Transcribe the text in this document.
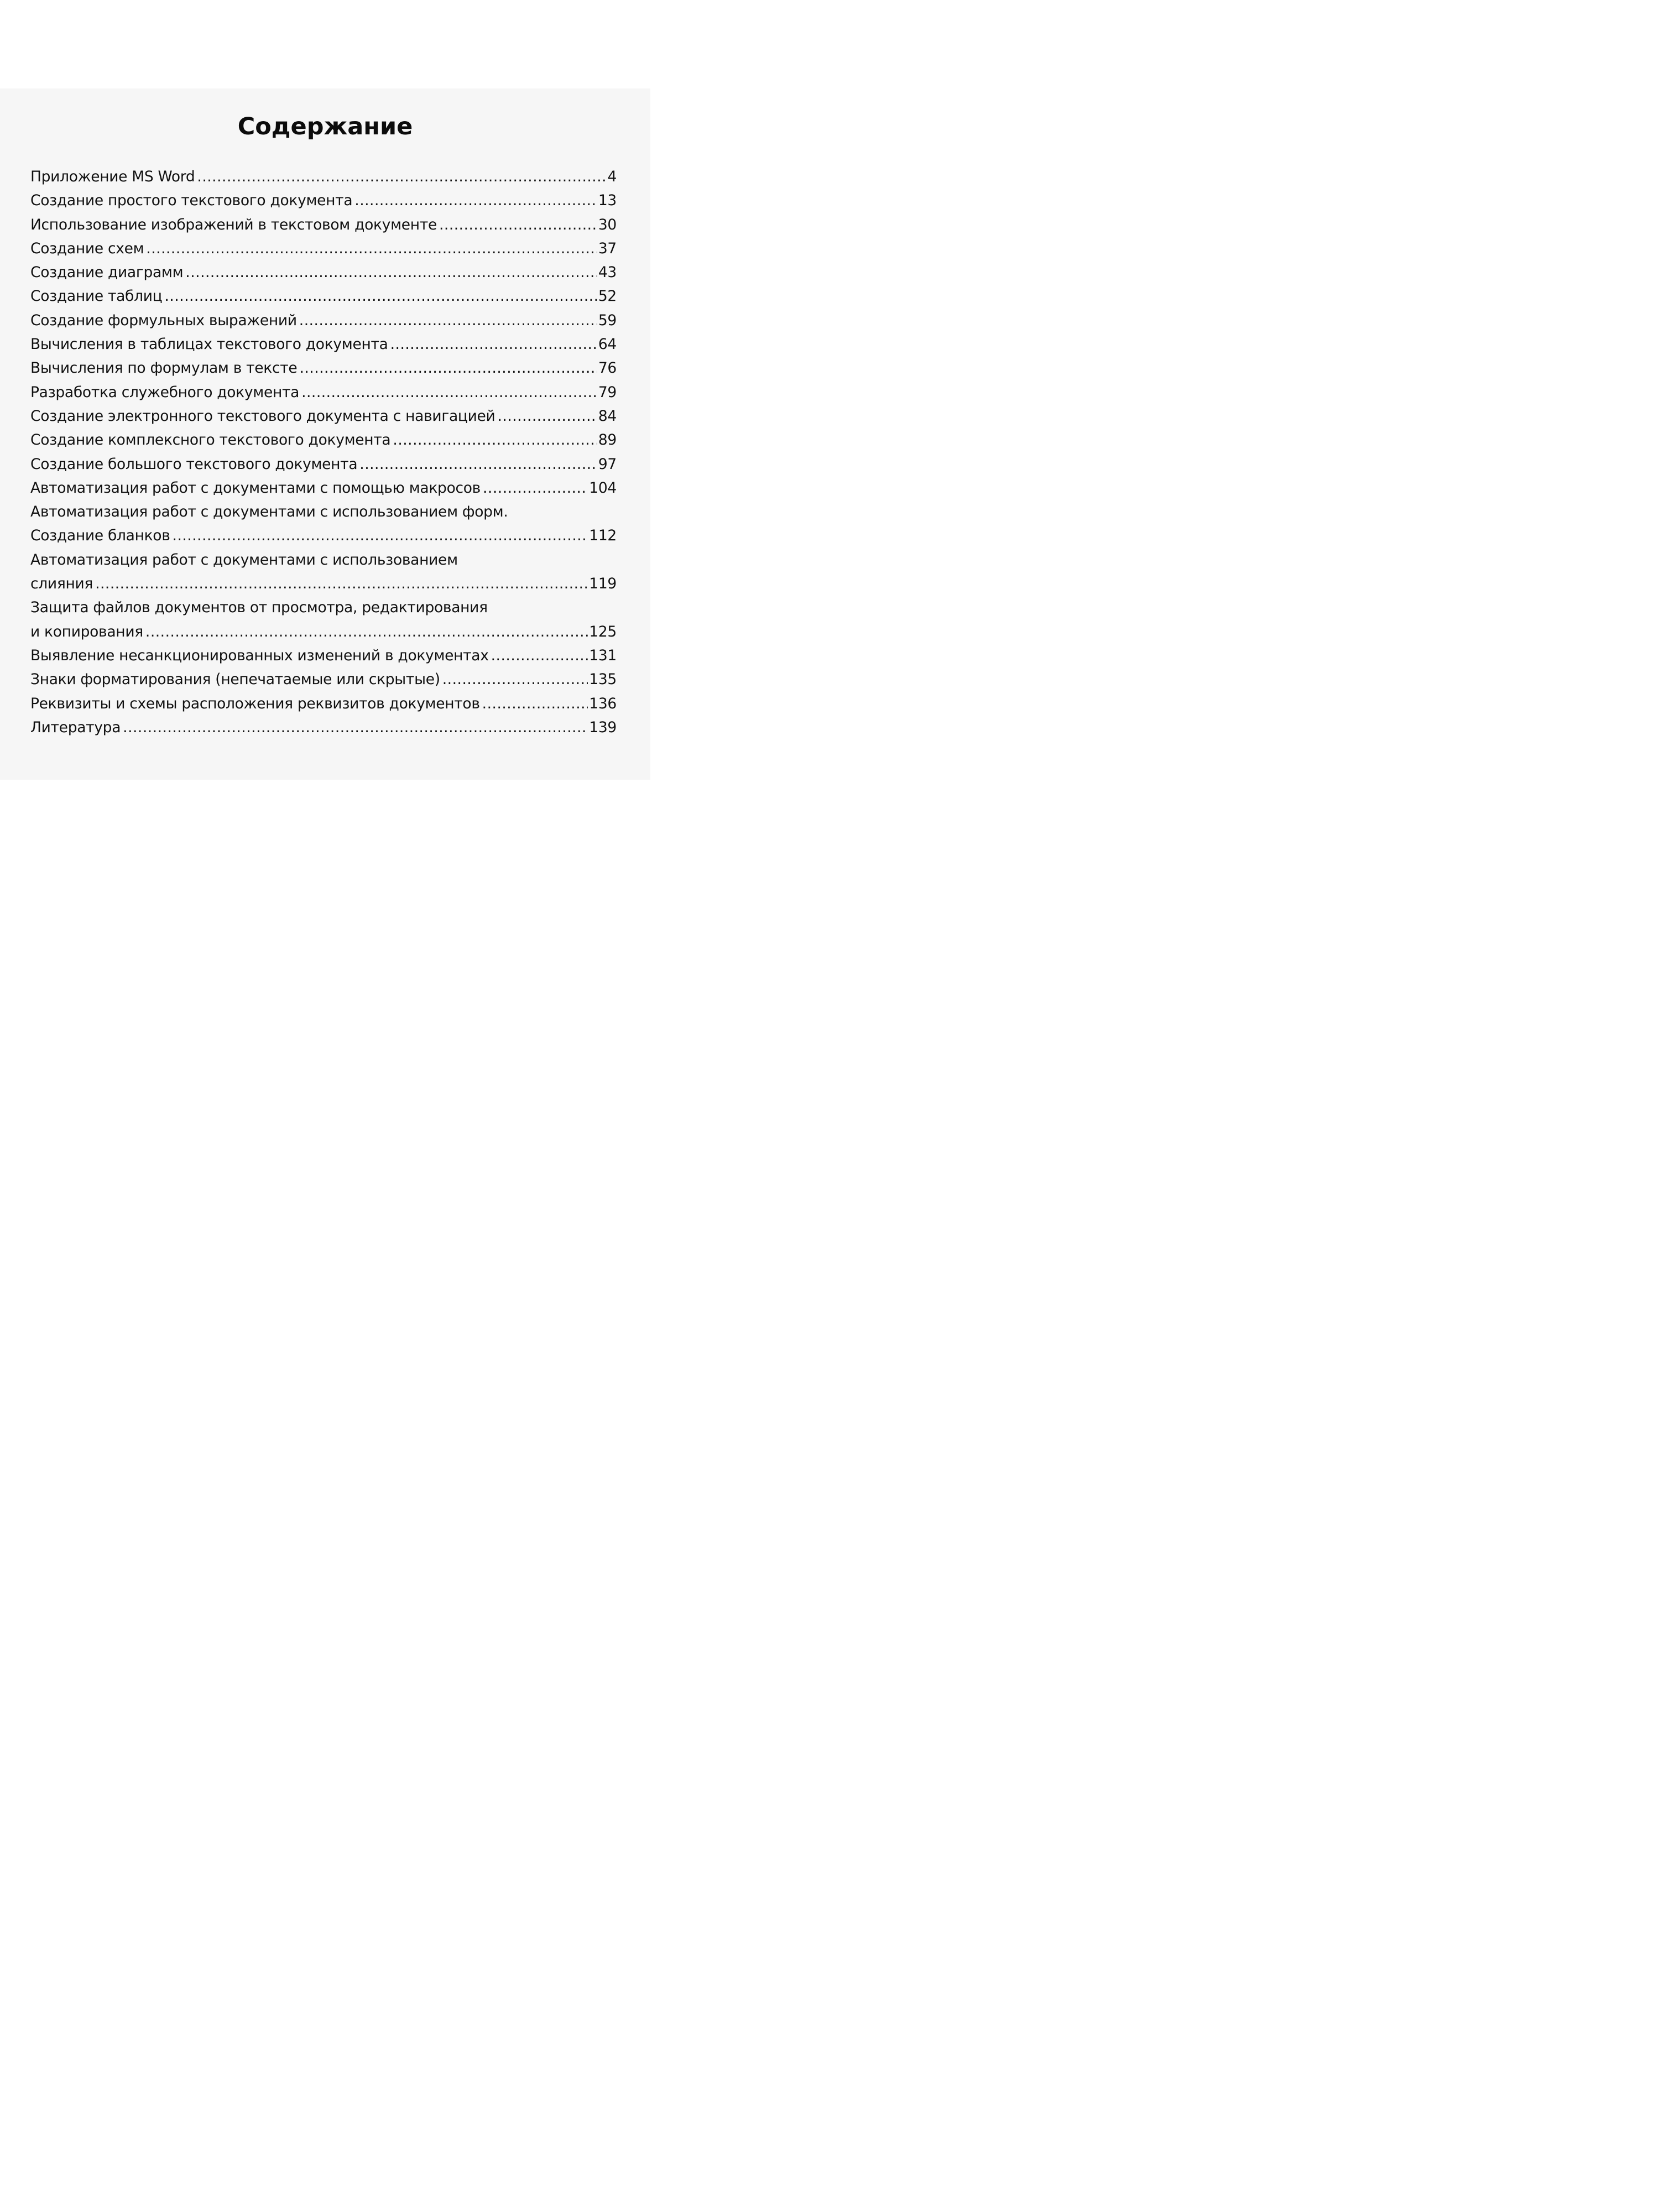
Содержание
Приложение MS Word .....	4
Создание простого текстового документа .....	13
Использование изображений в текстовом документе .....	30
Создание схем .....	37
Создание диаграмм .....	43
Создание таблиц .....	52
Создание формульных выражений .....	59
Вычисления в таблицах текстового документа .....	64
Вычисления по формулам в тексте .....	76
Разработка служебного документа .....	79
Создание электронного текстового документа с навигацией .....	84
Создание комплексного текстового документа .....	89
Создание большого текстового документа .....	97
Автоматизация работ с документами с помощью макросов .....	104
Автоматизация работ с документами с использованием форм.
Создание бланков .....	112
Автоматизация работ с документами с использованием
слияния .....	119
Защита файлов документов от просмотра, редактирования
и копирования .....	125
Выявление несанкционированных изменений в документах .....	131
Знаки форматирования (непечатаемые или скрытые) .....	135
Реквизиты и схемы расположения реквизитов документов .....	136
Литература .....	139
